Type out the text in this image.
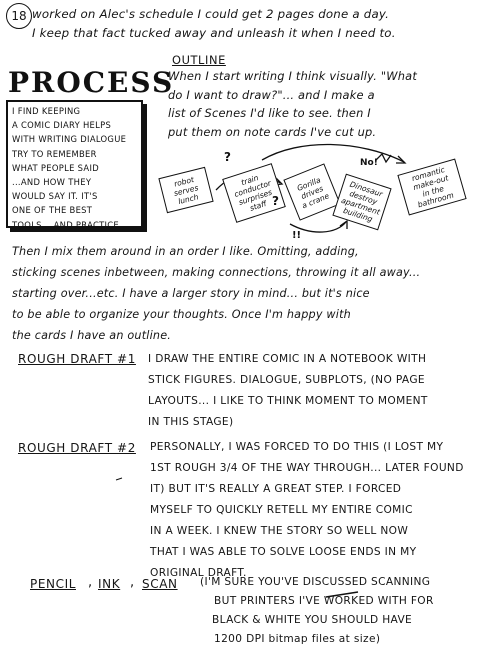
18 worked on Alec's schedule I could get 2 pages done a day.
I keep that fact tucked away and unleash it when I need to.
PROCESS
I FIND KEEPING
A COMIC DIARY HELPS
WITH WRITING DIALOGUE
TRY TO REMEMBER
WHAT PEOPLE SAID
...AND HOW THEY
WOULD SAY IT. IT'S
ONE OF THE BEST
TOOLS... AND PRACTICE
OUTLINE
When I start writing I think visually. "What
do I want to draw?"... and I make a
list of Scenes I'd like to see. then I
put them on note cards I've cut up.
robot
serves
lunch
train
conductor
surprises
staff
Gorilla
drives
a crane
Dinosaur
destroy
apartment
building
romantic
make-out
in the
bathroom
?
?
No!
!!
Then I mix them around in an order I like. Omitting, adding,
sticking scenes inbetween, making connections, throwing it all away...
starting over...etc. I have a larger story in mind... but it's nice
to be able to organize your thoughts. Once I'm happy with
the cards I have an outline.
ROUGH DRAFT #1 I DRAW THE ENTIRE COMIC IN A NOTEBOOK WITH
STICK FIGURES. DIALOGUE, SUBPLOTS, (NO PAGE
LAYOUTS... I LIKE TO THINK MOMENT TO MOMENT
IN THIS STAGE)
ROUGH DRAFT #2 PERSONALLY, I WAS FORCED TO DO THIS (I LOST MY
1ST ROUGH 3/4 OF THE WAY THROUGH... LATER FOUND
IT) BUT IT'S REALLY A GREAT STEP. I FORCED
MYSELF TO QUICKLY RETELL MY ENTIRE COMIC
IN A WEEK. I KNEW THE STORY SO WELL NOW
THAT I WAS ABLE TO SOLVE LOOSE ENDS IN MY
ORIGINAL DRAFT.
PENCIL , INK , SCAN (I'M SURE YOU'VE DISCUSSED SCANNING
BUT PRINTERS I'VE WORKED WITH FOR
BLACK & WHITE YOU SHOULD HAVE
1200 DPI bitmap files at size)
